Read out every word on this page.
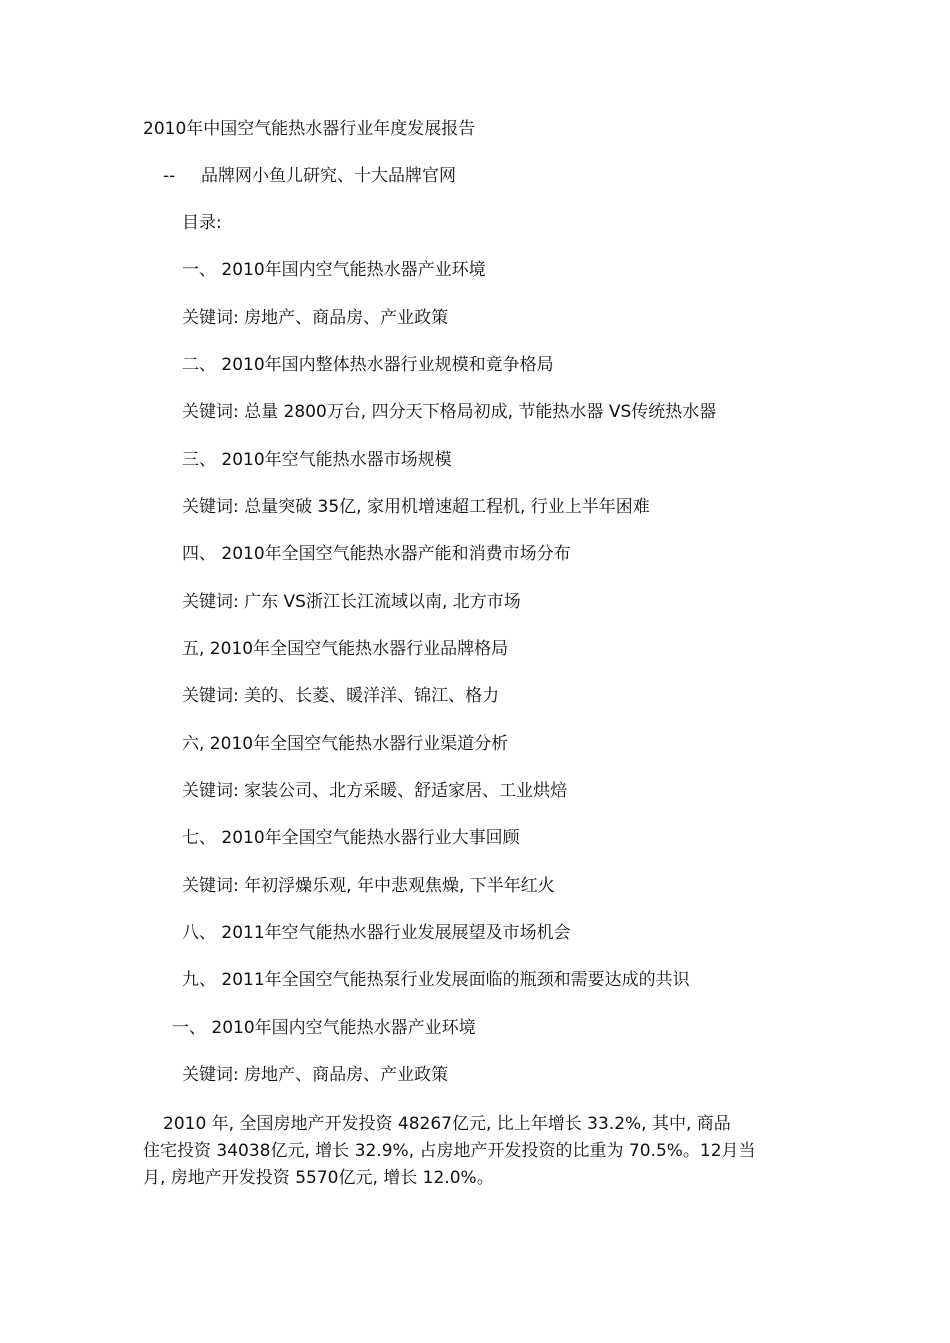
2010年中国空气能热水器行业年度发展报告
-- 品牌网小鱼儿研究、十大品牌官网
目录:
一、 2010年国内空气能热水器产业环境
关键词: 房地产、商品房、产业政策
二、 2010年国内整体热水器行业规模和竟争格局
关键词: 总量 2800万台, 四分天下格局初成, 节能热水器 VS传统热水器
三、 2010年空气能热水器市场规模
关键词: 总量突破 35亿, 家用机增速超工程机, 行业上半年困难
四、 2010年全国空气能热水器产能和消费市场分布
关键词: 广东 VS浙江长江流域以南, 北方市场
五, 2010年全国空气能热水器行业品牌格局
关键词: 美的、长菱、暖洋洋、锦江、格力
六, 2010年全国空气能热水器行业渠道分析
关键词: 家装公司、北方采暖、舒适家居、工业烘焙
七、 2010年全国空气能热水器行业大事回顾
关键词: 年初浮燥乐观, 年中悲观焦燥, 下半年红火
八、 2011年空气能热水器行业发展展望及市场机会
九、 2011年全国空气能热泵行业发展面临的瓶颈和需要达成的共识
一、 2010年国内空气能热水器产业环境
关键词: 房地产、商品房、产业政策
2010 年, 全国房地产开发投资 48267亿元, 比上年增长 33.2%, 其中, 商品
住宅投资 34038亿元, 增长 32.9%, 占房地产开发投资的比重为 70.5%。12月当
月, 房地产开发投资 5570亿元, 增长 12.0%。
